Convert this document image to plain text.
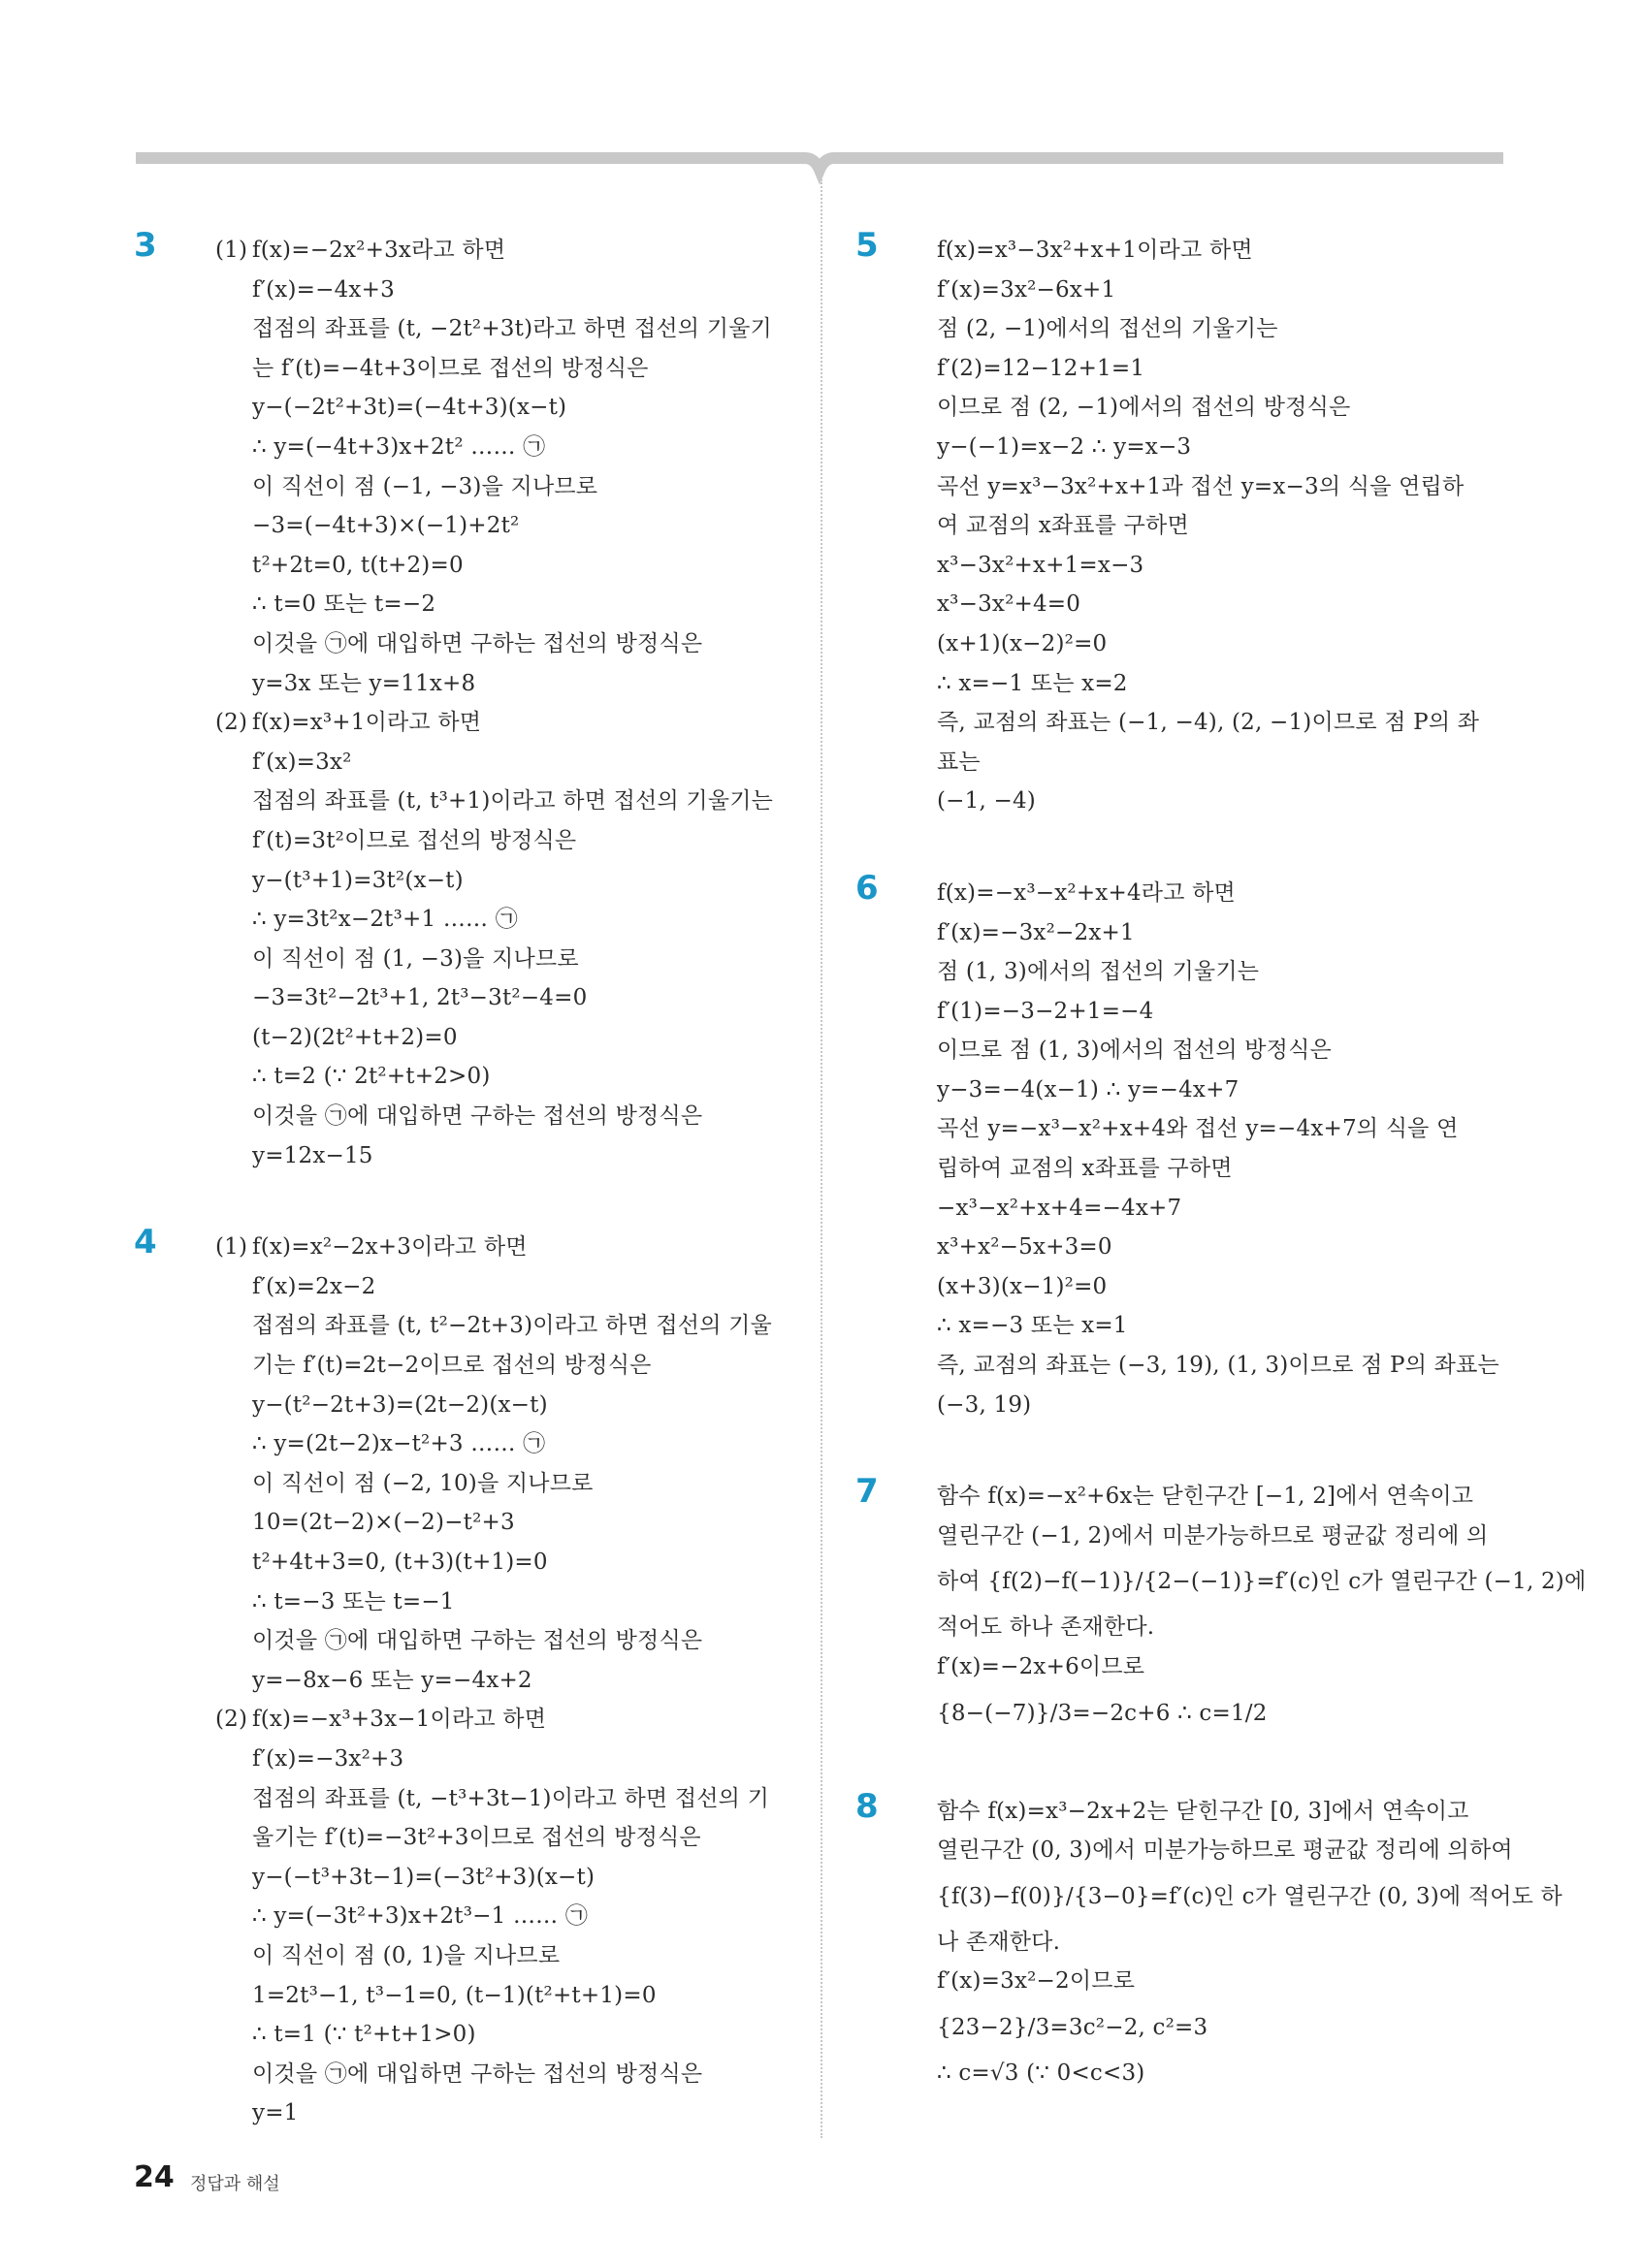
3	(1) f(x)=−2x²+3x라고 하면
f′(x)=−4x+3
접점의 좌표를 (t, −2t²+3t)라고 하면 접선의 기울기
는 f′(t)=−4t+3이므로 접선의 방정식은
y−(−2t²+3t)=(−4t+3)(x−t)
∴ y=(−4t+3)x+2t² …… ㉠
이 직선이 점 (−1, −3)을 지나므로
−3=(−4t+3)×(−1)+2t²
t²+2t=0, t(t+2)=0
∴ t=0 또는 t=−2
이것을 ㉠에 대입하면 구하는 접선의 방정식은
y=3x 또는 y=11x+8
(2) f(x)=x³+1이라고 하면
f′(x)=3x²
접점의 좌표를 (t, t³+1)이라고 하면 접선의 기울기는
f′(t)=3t²이므로 접선의 방정식은
y−(t³+1)=3t²(x−t)
∴ y=3t²x−2t³+1 …… ㉠
이 직선이 점 (1, −3)을 지나므로
−3=3t²−2t³+1, 2t³−3t²−4=0
(t−2)(2t²+t+2)=0
∴ t=2 (∵ 2t²+t+2>0)
이것을 ㉠에 대입하면 구하는 접선의 방정식은
y=12x−15
4	(1) f(x)=x²−2x+3이라고 하면
f′(x)=2x−2
접점의 좌표를 (t, t²−2t+3)이라고 하면 접선의 기울
기는 f′(t)=2t−2이므로 접선의 방정식은
y−(t²−2t+3)=(2t−2)(x−t)
∴ y=(2t−2)x−t²+3 …… ㉠
이 직선이 점 (−2, 10)을 지나므로
10=(2t−2)×(−2)−t²+3
t²+4t+3=0, (t+3)(t+1)=0
∴ t=−3 또는 t=−1
이것을 ㉠에 대입하면 구하는 접선의 방정식은
y=−8x−6 또는 y=−4x+2
(2) f(x)=−x³+3x−1이라고 하면
f′(x)=−3x²+3
접점의 좌표를 (t, −t³+3t−1)이라고 하면 접선의 기
울기는 f′(t)=−3t²+3이므로 접선의 방정식은
y−(−t³+3t−1)=(−3t²+3)(x−t)
∴ y=(−3t²+3)x+2t³−1 …… ㉠
이 직선이 점 (0, 1)을 지나므로
1=2t³−1, t³−1=0, (t−1)(t²+t+1)=0
∴ t=1 (∵ t²+t+1>0)
이것을 ㉠에 대입하면 구하는 접선의 방정식은
y=1
5	f(x)=x³−3x²+x+1이라고 하면
f′(x)=3x²−6x+1
점 (2, −1)에서의 접선의 기울기는
f′(2)=12−12+1=1
이므로 점 (2, −1)에서의 접선의 방정식은
y−(−1)=x−2 ∴ y=x−3
곡선 y=x³−3x²+x+1과 접선 y=x−3의 식을 연립하
여 교점의 x좌표를 구하면
x³−3x²+x+1=x−3
x³−3x²+4=0
(x+1)(x−2)²=0
∴ x=−1 또는 x=2
즉, 교점의 좌표는 (−1, −4), (2, −1)이므로 점 P의 좌
표는
(−1, −4)
6	f(x)=−x³−x²+x+4라고 하면
f′(x)=−3x²−2x+1
점 (1, 3)에서의 접선의 기울기는
f′(1)=−3−2+1=−4
이므로 점 (1, 3)에서의 접선의 방정식은
y−3=−4(x−1) ∴ y=−4x+7
곡선 y=−x³−x²+x+4와 접선 y=−4x+7의 식을 연
립하여 교점의 x좌표를 구하면
−x³−x²+x+4=−4x+7
x³+x²−5x+3=0
(x+3)(x−1)²=0
∴ x=−3 또는 x=1
즉, 교점의 좌표는 (−3, 19), (1, 3)이므로 점 P의 좌표는
(−3, 19)
7	함수 f(x)=−x²+6x는 닫힌구간 [−1, 2]에서 연속이고
열린구간 (−1, 2)에서 미분가능하므로 평균값 정리에 의
하여 {f(2)−f(−1)}/{2−(−1)}=f′(c)인 c가 열린구간 (−1, 2)에
적어도 하나 존재한다.
f′(x)=−2x+6이므로
{8−(−7)}/3=−2c+6 ∴ c=1/2
8	함수 f(x)=x³−2x+2는 닫힌구간 [0, 3]에서 연속이고
열린구간 (0, 3)에서 미분가능하므로 평균값 정리에 의하여
{f(3)−f(0)}/{3−0}=f′(c)인 c가 열린구간 (0, 3)에 적어도 하
나 존재한다.
f′(x)=3x²−2이므로
{23−2}/3=3c²−2, c²=3
∴ c=√3 (∵ 0<c<3)
24 정답과 해설
